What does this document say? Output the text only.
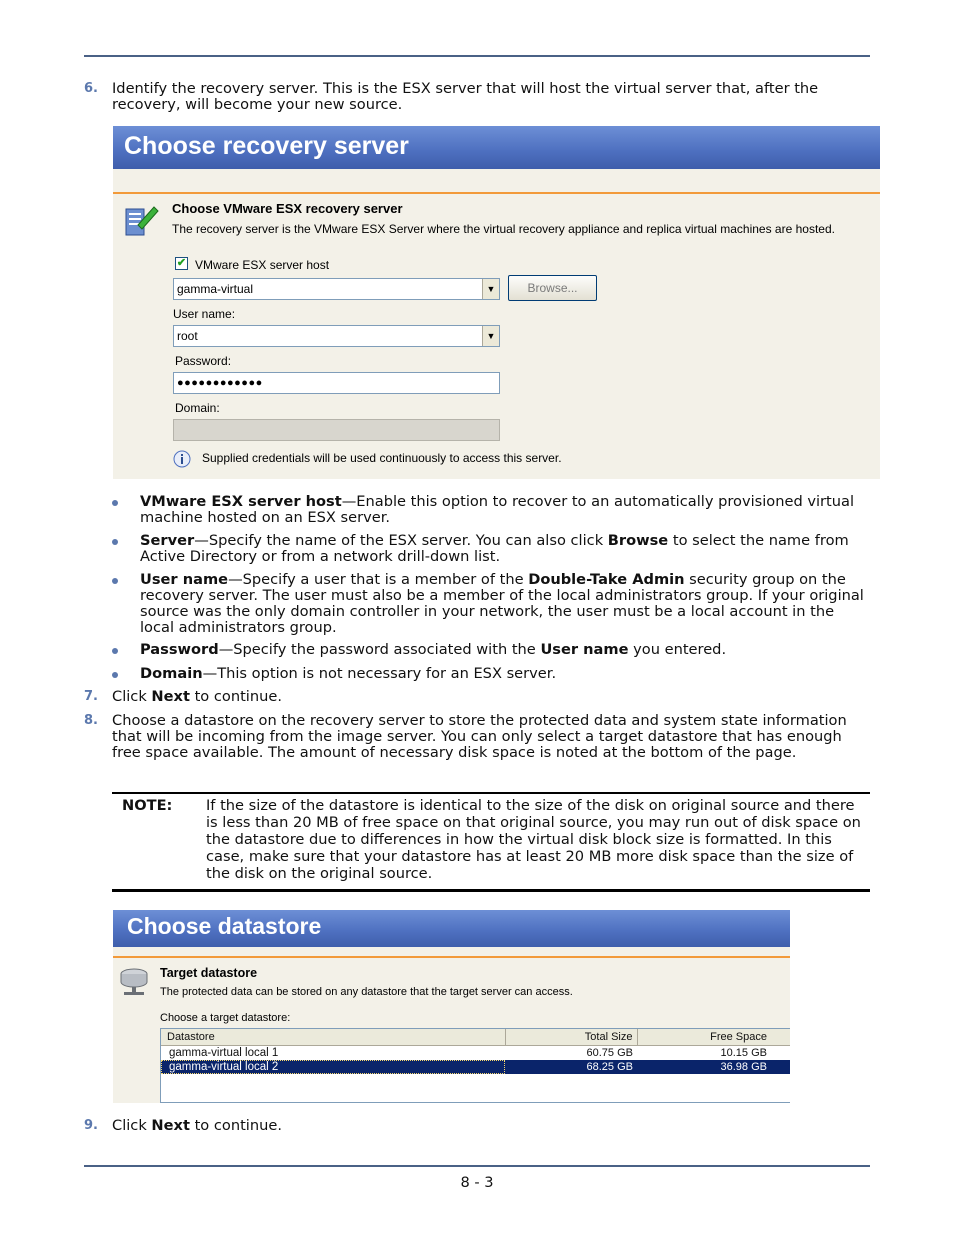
6. Identify the recovery server. This is the ESX server that will host the virtual server that, after the recovery, will become your new source.
Choose recovery server
Choose VMware ESX recovery server
The recovery server is the VMware ESX Server where the virtual recovery appliance and replica virtual machines are hosted.
✔ VMware ESX server host
gamma-virtual	▼	Browse...
User name:
root	▼
Password:
●●●●●●●●●●●●
Domain:
Supplied credentials will be used continuously to access this server.
VMware ESX server host—Enable this option to recover to an automatically provisioned virtual machine hosted on an ESX server.
Server—Specify the name of the ESX server. You can also click Browse to select the name from Active Directory or from a network drill-down list.
User name—Specify a user that is a member of the Double-Take Admin security group on the recovery server. The user must also be a member of the local administrators group. If your original source was the only domain controller in your network, the user must be a local account in the local administrators group.
Password—Specify the password associated with the User name you entered.
Domain—This option is not necessary for an ESX server.
7. Click Next to continue.
8. Choose a datastore on the recovery server to store the protected data and system state information that will be incoming from the image server. You can only select a target datastore that has enough free space available. The amount of necessary disk space is noted at the bottom of the page.
NOTE: If the size of the datastore is identical to the size of the disk on original source and there is less than 20 MB of free space on that original source, you may run out of disk space on the datastore due to differences in how the virtual disk block size is formatted. In this case, make sure that your datastore has at least 20 MB more disk space than the size of the disk on the original source.
Choose datastore
Target datastore
The protected data can be stored on any datastore that the target server can access.
Choose a target datastore:
Datastore	Total Size	Free Space
gamma-virtual local 1	60.75 GB	10.15 GB
gamma-virtual local 2	68.25 GB	36.98 GB
9. Click Next to continue.
8 - 3
